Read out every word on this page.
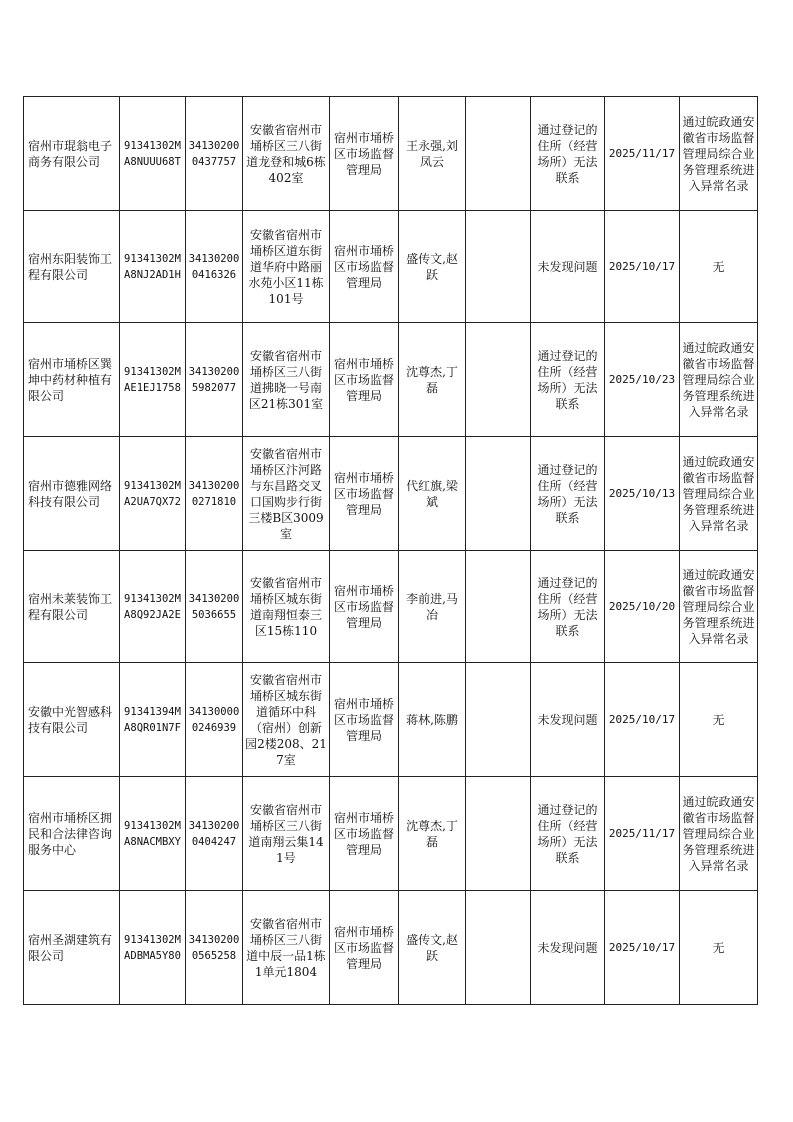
宿州市琨翁电子商务有限公司	91341302MA8NUUU68T	341302000437757	安徽省宿州市埇桥区三八街道龙登和城6栋402室	宿州市埇桥区市场监督管理局	王永强,刘凤云		通过登记的住所（经营场所）无法联系	2025/11/17	通过皖政通安徽省市场监督管理局综合业务管理系统进入异常名录
宿州东阳装饰工程有限公司	91341302MA8NJ2AD1H	341302000416326	安徽省宿州市埇桥区道东街道华府中路丽水苑小区11栋101号	宿州市埇桥区市场监督管理局	盛传文,赵跃		未发现问题	2025/10/17	无
宿州市埇桥区巽坤中药材种植有限公司	91341302MAE1EJ1758	341302005982077	安徽省宿州市埇桥区三八街道拂晓一号南区21栋301室	宿州市埇桥区市场监督管理局	沈尊杰,丁磊		通过登记的住所（经营场所）无法联系	2025/10/23	通过皖政通安徽省市场监督管理局综合业务管理系统进入异常名录
宿州市德雅网络科技有限公司	91341302MA2UA7QX72	341302000271810	安徽省宿州市埇桥区汴河路与东昌路交叉口国购步行街三楼B区3009室	宿州市埇桥区市场监督管理局	代红旗,梁斌		通过登记的住所（经营场所）无法联系	2025/10/13	通过皖政通安徽省市场监督管理局综合业务管理系统进入异常名录
宿州未莱装饰工程有限公司	91341302MA8Q92JA2E	341302005036655	安徽省宿州市埇桥区城东街道南翔恒泰三区15栋110	宿州市埇桥区市场监督管理局	李前进,马冶		通过登记的住所（经营场所）无法联系	2025/10/20	通过皖政通安徽省市场监督管理局综合业务管理系统进入异常名录
安徽中光智感科技有限公司	91341394MA8QR01N7F	341300000246939	安徽省宿州市埇桥区城东街道循环中科（宿州）创新园2楼208、217室	宿州市埇桥区市场监督管理局	蒋林,陈鹏		未发现问题	2025/10/17	无
宿州市埇桥区拥民和合法律咨询服务中心	91341302MA8NACMBXY	341302000404247	安徽省宿州市埇桥区三八街道南翔云集141号	宿州市埇桥区市场监督管理局	沈尊杰,丁磊		通过登记的住所（经营场所）无法联系	2025/11/17	通过皖政通安徽省市场监督管理局综合业务管理系统进入异常名录
宿州圣湖建筑有限公司	91341302MADBMA5Y80	341302000565258	安徽省宿州市埇桥区三八街道中辰一品1栋1单元1804	宿州市埇桥区市场监督管理局	盛传文,赵跃		未发现问题	2025/10/17	无
